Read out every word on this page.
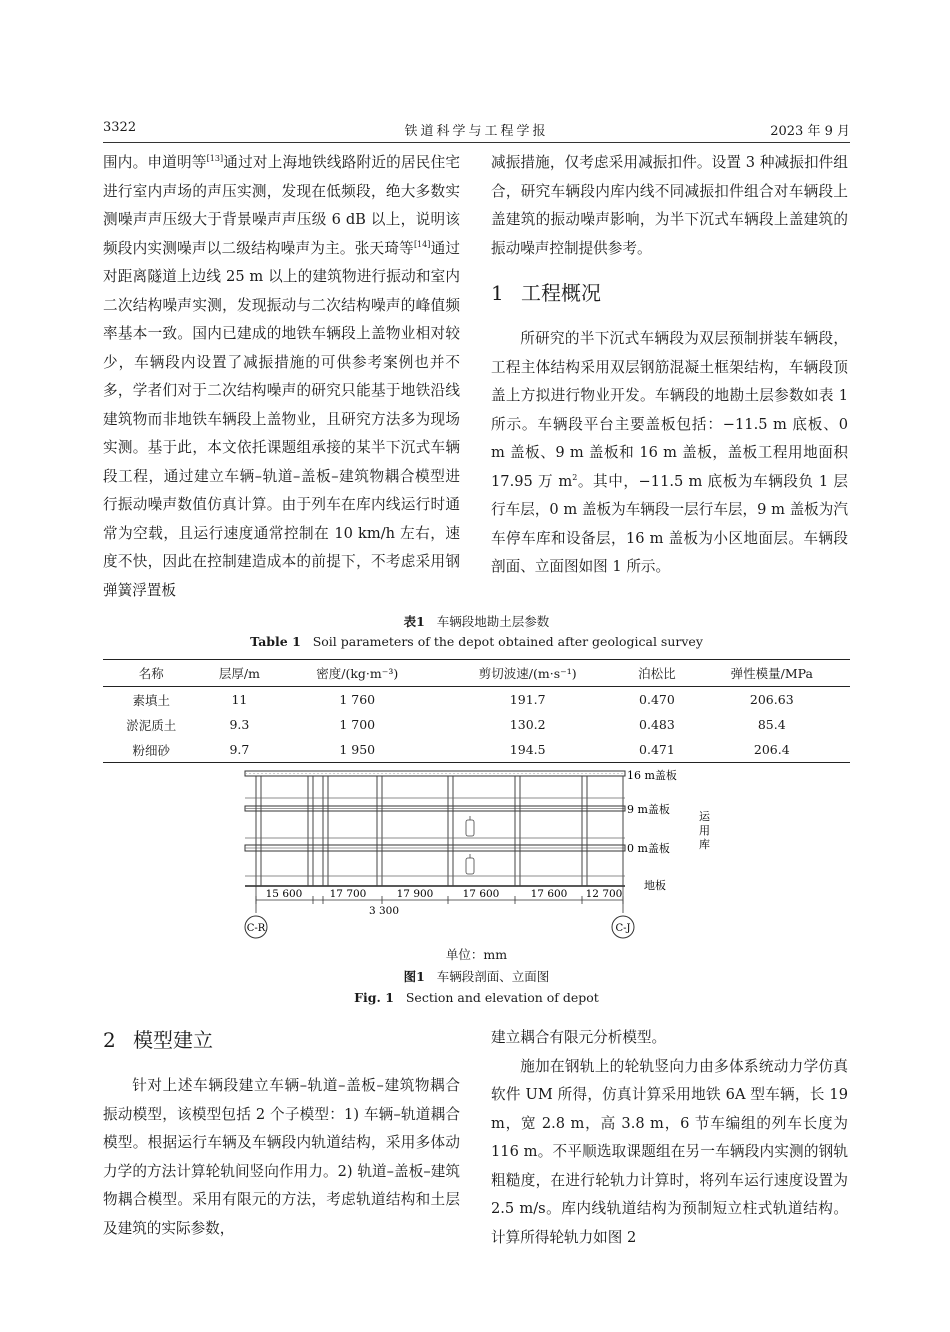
3322	铁道科学与工程学报	2023 年 9 月

围内。申道明等[13]通过对上海地铁线路附近的居民住宅进行室内声场的声压实测，发现在低频段，绝大多数实测噪声声压级大于背景噪声声压级 6 dB 以上，说明该频段内实测噪声以二级结构噪声为主。张天琦等[14]通过对距离隧道上边线 25 m 以上的建筑物进行振动和室内二次结构噪声实测，发现振动与二次结构噪声的峰值频率基本一致。国内已建成的地铁车辆段上盖物业相对较少，车辆段内设置了减振措施的可供参考案例也并不多，学者们对于二次结构噪声的研究只能基于地铁沿线建筑物而非地铁车辆段上盖物业，且研究方法多为现场实测。基于此，本文依托课题组承接的某半下沉式车辆段工程，通过建立车辆–轨道–盖板–建筑物耦合模型进行振动噪声数值仿真计算。由于列车在库内线运行时通常为空载，且运行速度通常控制在 10 km/h 左右，速度不快，因此在控制建造成本的前提下，不考虑采用钢弹簧浮置板

减振措施，仅考虑采用减振扣件。设置 3 种减振扣件组合，研究车辆段内库内线不同减振扣件组合对车辆段上盖建筑的振动噪声影响，为半下沉式车辆段上盖建筑的振动噪声控制提供参考。

1 工程概况

所研究的半下沉式车辆段为双层预制拼装车辆段，工程主体结构采用双层钢筋混凝土框架结构，车辆段顶盖上方拟进行物业开发。车辆段的地勘土层参数如表 1 所示。车辆段平台主要盖板包括：−11.5 m 底板、0 m 盖板、9 m 盖板和 16 m 盖板，盖板工程用地面积 17.95 万 $m^2$。其中，−11.5 m 底板为车辆段负 1 层行车层，0 m 盖板为车辆段一层行车层，9 m 盖板为汽车停车库和设备层，16 m 盖板为小区地面层。车辆段剖面、立面图如图 1 所示。

表1 车辆段地勘土层参数
Table 1 Soil parameters of the depot obtained after geological survey
名称	层厚/m	密度/(kg·m⁻³)	剪切波速/(m·s⁻¹)	泊松比	弹性模量/MPa
素填土	11	1 760	191.7	0.470	206.63
淤泥质土	9.3	1 700	130.2	0.483	85.4
粉细砂	9.7	1 950	194.5	0.471	206.4
15 600	17 700	17 900	17 600	17 600 12 700
3 300
C-R	C-J
16 m盖板
9 m盖板
0 m盖板
地板
运
用
库
单位：mm
图1 车辆段剖面、立面图
Fig. 1 Section and elevation of depot
2 模型建立

针对上述车辆段建立车辆–轨道–盖板–建筑物耦合振动模型，该模型包括 2 个子模型：1) 车辆–轨道耦合模型。根据运行车辆及车辆段内轨道结构，采用多体动力学的方法计算轮轨间竖向作用力。2) 轨道–盖板–建筑物耦合模型。采用有限元的方法，考虑轨道结构和土层及建筑的实际参数，

建立耦合有限元分析模型。

施加在钢轨上的轮轨竖向力由多体系统动力学仿真软件 UM 所得，仿真计算采用地铁 6A 型车辆，长 19 m，宽 2.8 m，高 3.8 m，6 节车编组的列车长度为 116 m。不平顺选取课题组在另一车辆段内实测的钢轨粗糙度，在进行轮轨力计算时，将列车运行速度设置为 2.5 m/s。库内线轨道结构为预制短立柱式轨道结构。计算所得轮轨力如图 2
